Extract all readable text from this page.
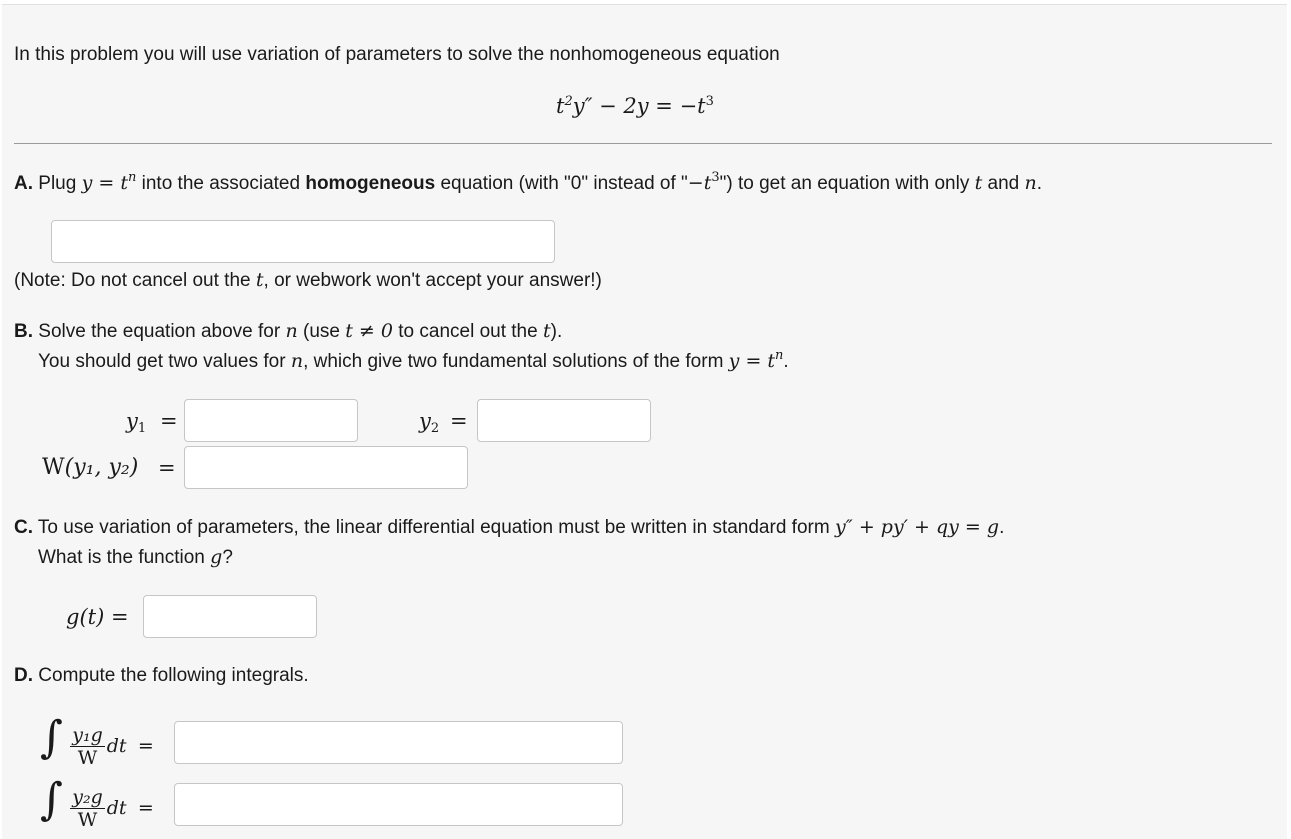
In this problem you will use variation of parameters to solve the nonhomogeneous equation
$t^2y'' - 2y = -t^3$
A. Plug $y = t^n$ into the associated homogeneous equation (with "0" instead of "$-t^3$") to get an equation with only t and n.
(Note: Do not cancel out the t, or webwork won't accept your answer!)
B. Solve the equation above for n (use t ≠ 0 to cancel out the t).
You should get two values for n, which give two fundamental solutions of the form $y = t^n$.
$y_1$ =	$y_2$ =
W(y₁, y₂) =
C. To use variation of parameters, the linear differential equation must be written in standard form y″ + py′ + qy = g.
What is the function g?
g(t) =
D. Compute the following integrals.
∫ $\frac{\text{y₁g}}{W}$ dt =
∫ $\frac{\text{y₂g}}{W}$ dt =
